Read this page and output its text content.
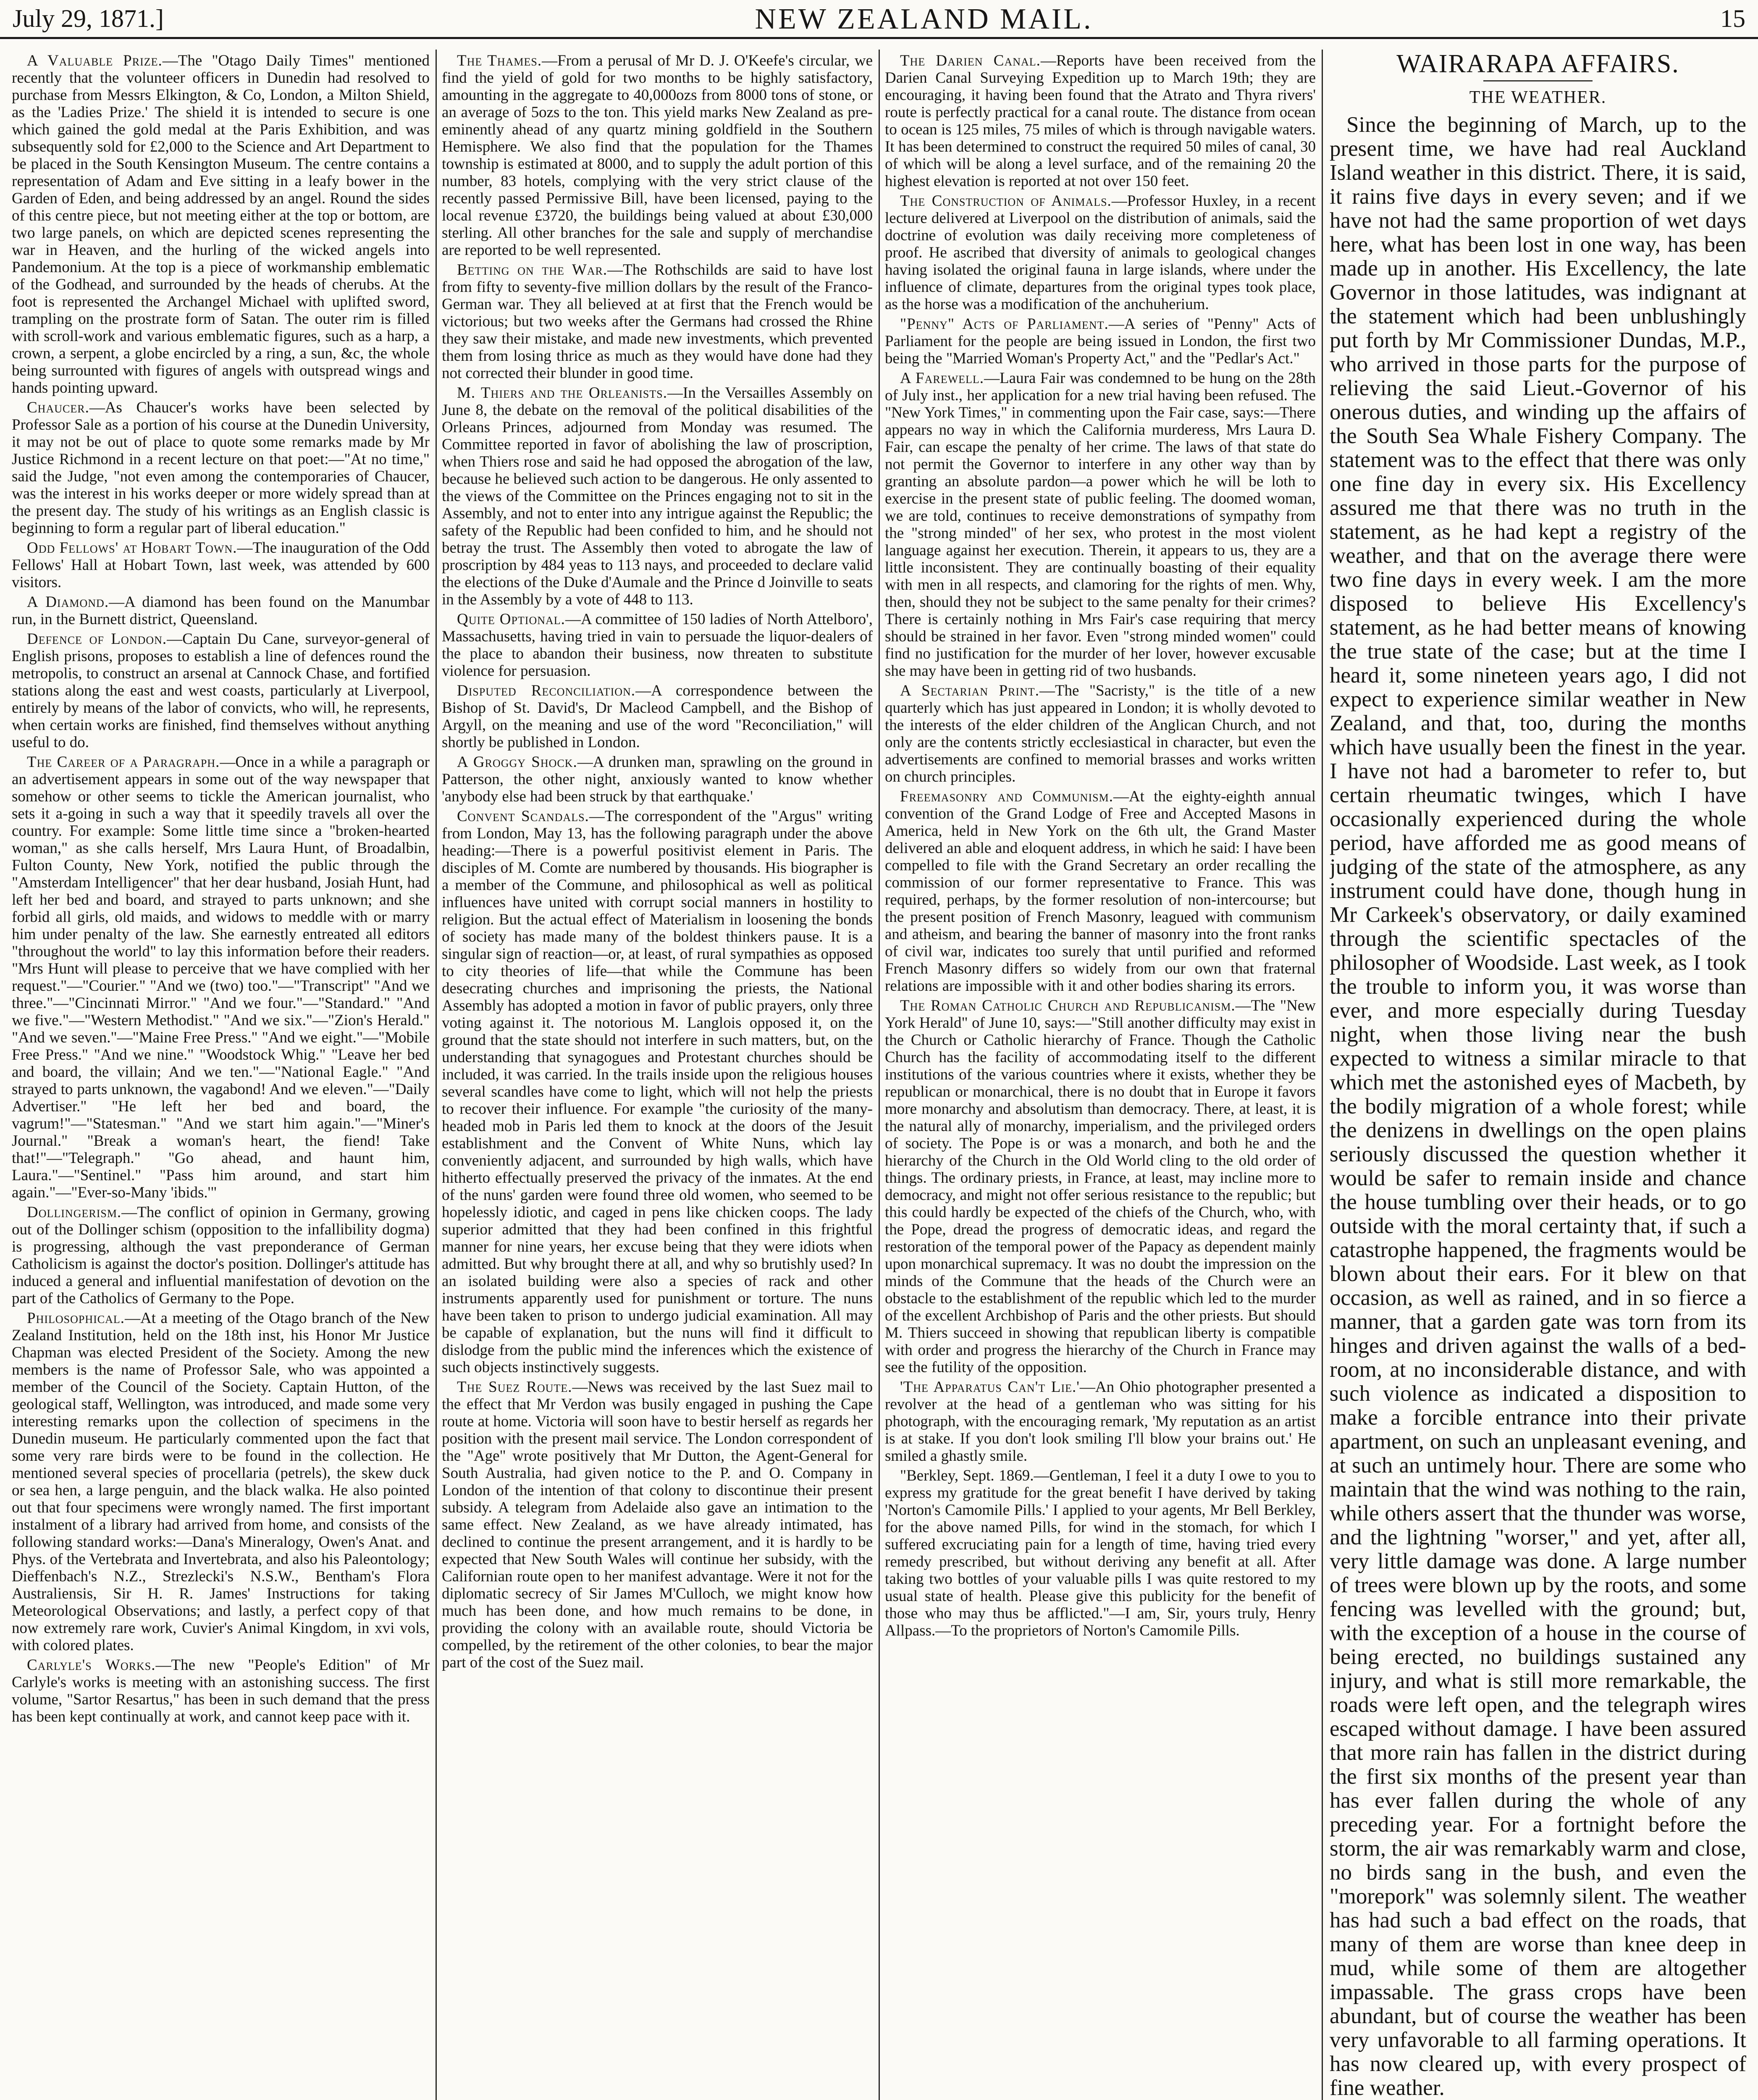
July 29, 1871.]	NEW ZEALAND MAIL.	15

A Valuable Prize.—The "Otago Daily Times" mentioned recently that the volunteer officers in Dunedin had resolved to purchase from Messrs Elkington, & Co, London, a Milton Shield, as the 'Ladies Prize.' The shield it is intended to secure is one which gained the gold medal at the Paris Exhibition, and was subsequently sold for £2,000 to the Science and Art Department to be placed in the South Kensington Museum. The centre contains a representation of Adam and Eve sitting in a leafy bower in the Garden of Eden, and being addressed by an angel. Round the sides of this centre piece, but not meeting either at the top or bottom, are two large panels, on which are depicted scenes representing the war in Heaven, and the hurling of the wicked angels into Pandemonium. At the top is a piece of workmanship emblematic of the Godhead, and surrounded by the heads of cherubs. At the foot is represented the Archangel Michael with uplifted sword, trampling on the prostrate form of Satan. The outer rim is filled with scroll-work and various emblematic figures, such as a harp, a crown, a serpent, a globe encircled by a ring, a sun, &c, the whole being surrounted with figures of angels with outspread wings and hands pointing upward.

Chaucer.—As Chaucer's works have been selected by Professor Sale as a portion of his course at the Dunedin University, it may not be out of place to quote some remarks made by Mr Justice Richmond in a recent lecture on that poet:—"At no time," said the Judge, "not even among the contemporaries of Chaucer, was the interest in his works deeper or more widely spread than at the present day. The study of his writings as an English classic is beginning to form a regular part of liberal education."

Odd Fellows' at Hobart Town.—The inauguration of the Odd Fellows' Hall at Hobart Town, last week, was attended by 600 visitors.

A Diamond.—A diamond has been found on the Manumbar run, in the Burnett district, Queensland.

Defence of London.—Captain Du Cane, surveyor-general of English prisons, proposes to establish a line of defences round the metropolis, to construct an arsenal at Cannock Chase, and fortified stations along the east and west coasts, particularly at Liverpool, entirely by means of the labor of convicts, who will, he represents, when certain works are finished, find themselves without anything useful to do.

The Career of a Paragraph.—Once in a while a paragraph or an advertisement appears in some out of the way newspaper that somehow or other seems to tickle the American journalist, who sets it a-going in such a way that it speedily travels all over the country. For example: Some little time since a "broken-hearted woman," as she calls herself, Mrs Laura Hunt, of Broadalbin, Fulton County, New York, notified the public through the "Amsterdam Intelligencer" that her dear husband, Josiah Hunt, had left her bed and board, and strayed to parts unknown; and she forbid all girls, old maids, and widows to meddle with or marry him under penalty of the law. She earnestly entreated all editors "throughout the world" to lay this information before their readers. "Mrs Hunt will please to perceive that we have complied with her request."—"Courier." "And we (two) too."—"Transcript" "And we three."—"Cincinnati Mirror." "And we four."—"Standard." "And we five."—"Western Methodist." "And we six."—"Zion's Herald." "And we seven."—"Maine Free Press." "And we eight."—"Mobile Free Press." "And we nine." "Woodstock Whig." "Leave her bed and board, the villain; And we ten."—"National Eagle." "And strayed to parts unknown, the vagabond! And we eleven."—"Daily Advertiser." "He left her bed and board, the vagrum!"—"Statesman." "And we start him again."—"Miner's Journal." "Break a woman's heart, the fiend! Take that!"—"Telegraph." "Go ahead, and haunt him, Laura."—"Sentinel." "Pass him around, and start him again."—"Ever-so-Many 'ibids.'"

Dollingerism.—The conflict of opinion in Germany, growing out of the Dollinger schism (opposition to the infallibility dogma) is progressing, although the vast preponderance of German Catholicism is against the doctor's position. Dollinger's attitude has induced a general and influential manifestation of devotion on the part of the Catholics of Germany to the Pope.

Philosophical.—At a meeting of the Otago branch of the New Zealand Institution, held on the 18th inst, his Honor Mr Justice Chapman was elected President of the Society. Among the new members is the name of Professor Sale, who was appointed a member of the Council of the Society. Captain Hutton, of the geological staff, Wellington, was introduced, and made some very interesting remarks upon the collection of specimens in the Dunedin museum. He particularly commented upon the fact that some very rare birds were to be found in the collection. He mentioned several species of procellaria (petrels), the skew duck or sea hen, a large penguin, and the black walka. He also pointed out that four specimens were wrongly named. The first important instalment of a library had arrived from home, and consists of the following standard works:—Dana's Mineralogy, Owen's Anat. and Phys. of the Vertebrata and Invertebrata, and also his Paleontology; Dieffenbach's N.Z., Strezlecki's N.S.W., Bentham's Flora Australiensis, Sir H. R. James' Instructions for taking Meteorological Observations; and lastly, a perfect copy of that now extremely rare work, Cuvier's Animal Kingdom, in xvi vols, with colored plates.

Carlyle's Works.—The new "People's Edition" of Mr Carlyle's works is meeting with an astonishing success. The first volume, "Sartor Resartus," has been in such demand that the press has been kept continually at work, and cannot keep pace with it.

The Thames.—From a perusal of Mr D. J. O'Keefe's circular, we find the yield of gold for two months to be highly satisfactory, amounting in the aggregate to 40,000ozs from 8000 tons of stone, or an average of 5ozs to the ton. This yield marks New Zealand as pre-eminently ahead of any quartz mining goldfield in the Southern Hemisphere. We also find that the population for the Thames township is estimated at 8000, and to supply the adult portion of this number, 83 hotels, complying with the very strict clause of the recently passed Permissive Bill, have been licensed, paying to the local revenue £3720, the buildings being valued at about £30,000 sterling. All other branches for the sale and supply of merchandise are reported to be well represented.

Betting on the War.—The Rothschilds are said to have lost from fifty to seventy-five million dollars by the result of the Franco-German war. They all believed at at first that the French would be victorious; but two weeks after the Germans had crossed the Rhine they saw their mistake, and made new investments, which prevented them from losing thrice as much as they would have done had they not corrected their blunder in good time.

M. Thiers and the Orleanists.—In the Versailles Assembly on June 8, the debate on the removal of the political disabilities of the Orleans Princes, adjourned from Monday was resumed. The Committee reported in favor of abolishing the law of proscription, when Thiers rose and said he had opposed the abrogation of the law, because he believed such action to be dangerous. He only assented to the views of the Committee on the Princes engaging not to sit in the Assembly, and not to enter into any intrigue against the Republic; the safety of the Republic had been confided to him, and he should not betray the trust. The Assembly then voted to abrogate the law of proscription by 484 yeas to 113 nays, and proceeded to declare valid the elections of the Duke d'Aumale and the Prince d Joinville to seats in the Assembly by a vote of 448 to 113.

Quite Optional.—A committee of 150 ladies of North Attelboro', Massachusetts, having tried in vain to persuade the liquor-dealers of the place to abandon their business, now threaten to substitute violence for persuasion.

Disputed Reconciliation.—A correspondence between the Bishop of St. David's, Dr Macleod Campbell, and the Bishop of Argyll, on the meaning and use of the word "Reconciliation," will shortly be published in London.

A Groggy Shock.—A drunken man, sprawling on the ground in Patterson, the other night, anxiously wanted to know whether 'anybody else had been struck by that earthquake.'

Convent Scandals.—The correspondent of the "Argus" writing from London, May 13, has the following paragraph under the above heading:—There is a powerful positivist element in Paris. The disciples of M. Comte are numbered by thousands. His biographer is a member of the Commune, and philosophical as well as political influences have united with corrupt social manners in hostility to religion. But the actual effect of Materialism in loosening the bonds of society has made many of the boldest thinkers pause. It is a singular sign of reaction—or, at least, of rural sympathies as opposed to city theories of life—that while the Commune has been desecrating churches and imprisoning the priests, the National Assembly has adopted a motion in favor of public prayers, only three voting against it. The notorious M. Langlois opposed it, on the ground that the state should not interfere in such matters, but, on the understanding that synagogues and Protestant churches should be included, it was carried. In the trails inside upon the religious houses several scandles have come to light, which will not help the priests to recover their influence. For example "the curiosity of the many-headed mob in Paris led them to knock at the doors of the Jesuit establishment and the Convent of White Nuns, which lay conveniently adjacent, and surrounded by high walls, which have hitherto effectually preserved the privacy of the inmates. At the end of the nuns' garden were found three old women, who seemed to be hopelessly idiotic, and caged in pens like chicken coops. The lady superior admitted that they had been confined in this frightful manner for nine years, her excuse being that they were idiots when admitted. But why brought there at all, and why so brutishly used? In an isolated building were also a species of rack and other instruments apparently used for punishment or torture. The nuns have been taken to prison to undergo judicial examination. All may be capable of explanation, but the nuns will find it difficult to dislodge from the public mind the inferences which the existence of such objects instinctively suggests.

The Suez Route.—News was received by the last Suez mail to the effect that Mr Verdon was busily engaged in pushing the Cape route at home. Victoria will soon have to bestir herself as regards her position with the present mail service. The London correspondent of the "Age" wrote positively that Mr Dutton, the Agent-General for South Australia, had given notice to the P. and O. Company in London of the intention of that colony to discontinue their present subsidy. A telegram from Adelaide also gave an intimation to the same effect. New Zealand, as we have already intimated, has declined to continue the present arrangement, and it is hardly to be expected that New South Wales will continue her subsidy, with the Californian route open to her manifest advantage. Were it not for the diplomatic secrecy of Sir James M'Culloch, we might know how much has been done, and how much remains to be done, in providing the colony with an available route, should Victoria be compelled, by the retirement of the other colonies, to bear the major part of the cost of the Suez mail.

The Darien Canal.—Reports have been received from the Darien Canal Surveying Expedition up to March 19th; they are encouraging, it having been found that the Atrato and Thyra rivers' route is perfectly practical for a canal route. The distance from ocean to ocean is 125 miles, 75 miles of which is through navigable waters. It has been determined to construct the required 50 miles of canal, 30 of which will be along a level surface, and of the remaining 20 the highest elevation is reported at not over 150 feet.

The Construction of Animals.—Professor Huxley, in a recent lecture delivered at Liverpool on the distribution of animals, said the doctrine of evolution was daily receiving more completeness of proof. He ascribed that diversity of animals to geological changes having isolated the original fauna in large islands, where under the influence of climate, departures from the original types took place, as the horse was a modification of the anchuherium.

"Penny" Acts of Parliament.—A series of "Penny" Acts of Parliament for the people are being issued in London, the first two being the "Married Woman's Property Act," and the "Pedlar's Act."

A Farewell.—Laura Fair was condemned to be hung on the 28th of July inst., her application for a new trial having been refused. The "New York Times," in commenting upon the Fair case, says:—There appears no way in which the California murderess, Mrs Laura D. Fair, can escape the penalty of her crime. The laws of that state do not permit the Governor to interfere in any other way than by granting an absolute pardon—a power which he will be loth to exercise in the present state of public feeling. The doomed woman, we are told, continues to receive demonstrations of sympathy from the "strong minded" of her sex, who protest in the most violent language against her execution. Therein, it appears to us, they are a little inconsistent. They are continually boasting of their equality with men in all respects, and clamoring for the rights of men. Why, then, should they not be subject to the same penalty for their crimes? There is certainly nothing in Mrs Fair's case requiring that mercy should be strained in her favor. Even "strong minded women" could find no justification for the murder of her lover, however excusable she may have been in getting rid of two husbands.

A Sectarian Print.—The "Sacristy," is the title of a new quarterly which has just appeared in London; it is wholly devoted to the interests of the elder children of the Anglican Church, and not only are the contents strictly ecclesiastical in character, but even the advertisements are confined to memorial brasses and works written on church principles.

Freemasonry and Communism.—At the eighty-eighth annual convention of the Grand Lodge of Free and Accepted Masons in America, held in New York on the 6th ult, the Grand Master delivered an able and eloquent address, in which he said: I have been compelled to file with the Grand Secretary an order recalling the commission of our former representative to France. This was required, perhaps, by the former resolution of non-intercourse; but the present position of French Masonry, leagued with communism and atheism, and bearing the banner of masonry into the front ranks of civil war, indicates too surely that until purified and reformed French Masonry differs so widely from our own that fraternal relations are impossible with it and other bodies sharing its errors.

The Roman Catholic Church and Republicanism.—The "New York Herald" of June 10, says:—"Still another difficulty may exist in the Church or Catholic hierarchy of France. Though the Catholic Church has the facility of accommodating itself to the different institutions of the various countries where it exists, whether they be republican or monarchical, there is no doubt that in Europe it favors more monarchy and absolutism than democracy. There, at least, it is the natural ally of monarchy, imperialism, and the privileged orders of society. The Pope is or was a monarch, and both he and the hierarchy of the Church in the Old World cling to the old order of things. The ordinary priests, in France, at least, may incline more to democracy, and might not offer serious resistance to the republic; but this could hardly be expected of the chiefs of the Church, who, with the Pope, dread the progress of democratic ideas, and regard the restoration of the temporal power of the Papacy as dependent mainly upon monarchical supremacy. It was no doubt the impression on the minds of the Commune that the heads of the Church were an obstacle to the establishment of the republic which led to the murder of the excellent Archbishop of Paris and the other priests. But should M. Thiers succeed in showing that republican liberty is compatible with order and progress the hierarchy of the Church in France may see the futility of the opposition.

'The Apparatus Can't Lie.'—An Ohio photographer presented a revolver at the head of a gentleman who was sitting for his photograph, with the encouraging remark, 'My reputation as an artist is at stake. If you don't look smiling I'll blow your brains out.' He smiled a ghastly smile.

"Berkley, Sept. 1869.—Gentleman, I feel it a duty I owe to you to express my gratitude for the great benefit I have derived by taking 'Norton's Camomile Pills.' I applied to your agents, Mr Bell Berkley, for the above named Pills, for wind in the stomach, for which I suffered excruciating pain for a length of time, having tried every remedy prescribed, but without deriving any benefit at all. After taking two bottles of your valuable pills I was quite restored to my usual state of health. Please give this publicity for the benefit of those who may thus be afflicted."—I am, Sir, yours truly, Henry Allpass.—To the proprietors of Norton's Camomile Pills.

WAIRARAPA AFFAIRS.

THE WEATHER.

Since the beginning of March, up to the present time, we have had real Auckland Island weather in this district. There, it is said, it rains five days in every seven; and if we have not had the same proportion of wet days here, what has been lost in one way, has been made up in another. His Excellency, the late Governor in those latitudes, was indignant at the statement which had been unblushingly put forth by Mr Commissioner Dundas, M.P., who arrived in those parts for the purpose of relieving the said Lieut.-Governor of his onerous duties, and winding up the affairs of the South Sea Whale Fishery Company. The statement was to the effect that there was only one fine day in every six. His Excellency assured me that there was no truth in the statement, as he had kept a registry of the weather, and that on the average there were two fine days in every week. I am the more disposed to believe His Excellency's statement, as he had better means of knowing the true state of the case; but at the time I heard it, some nineteen years ago, I did not expect to experience similar weather in New Zealand, and that, too, during the months which have usually been the finest in the year. I have not had a barometer to refer to, but certain rheumatic twinges, which I have occasionally experienced during the whole period, have afforded me as good means of judging of the state of the atmosphere, as any instrument could have done, though hung in Mr Carkeek's observatory, or daily examined through the scientific spectacles of the philosopher of Woodside. Last week, as I took the trouble to inform you, it was worse than ever, and more especially during Tuesday night, when those living near the bush expected to witness a similar miracle to that which met the astonished eyes of Macbeth, by the bodily migration of a whole forest; while the denizens in dwellings on the open plains seriously discussed the question whether it would be safer to remain inside and chance the house tumbling over their heads, or to go outside with the moral certainty that, if such a catastrophe happened, the fragments would be blown about their ears. For it blew on that occasion, as well as rained, and in so fierce a manner, that a garden gate was torn from its hinges and driven against the walls of a bed-room, at no inconsiderable distance, and with such violence as indicated a disposition to make a forcible entrance into their private apartment, on such an unpleasant evening, and at such an untimely hour. There are some who maintain that the wind was nothing to the rain, while others assert that the thunder was worse, and the lightning "worser," and yet, after all, very little damage was done. A large number of trees were blown up by the roots, and some fencing was levelled with the ground; but, with the exception of a house in the course of being erected, no buildings sustained any injury, and what is still more remarkable, the roads were left open, and the telegraph wires escaped without damage. I have been assured that more rain has fallen in the district during the first six months of the present year than has ever fallen during the whole of any preceding year. For a fortnight before the storm, the air was remarkably warm and close, no birds sang in the bush, and even the "morepork" was solemnly silent. The weather has had such a bad effect on the roads, that many of them are worse than knee deep in mud, while some of them are altogether impassable. The grass crops have been abundant, but of course the weather has been very unfavorable to all farming operations. It has now cleared up, with every prospect of fine weather.
